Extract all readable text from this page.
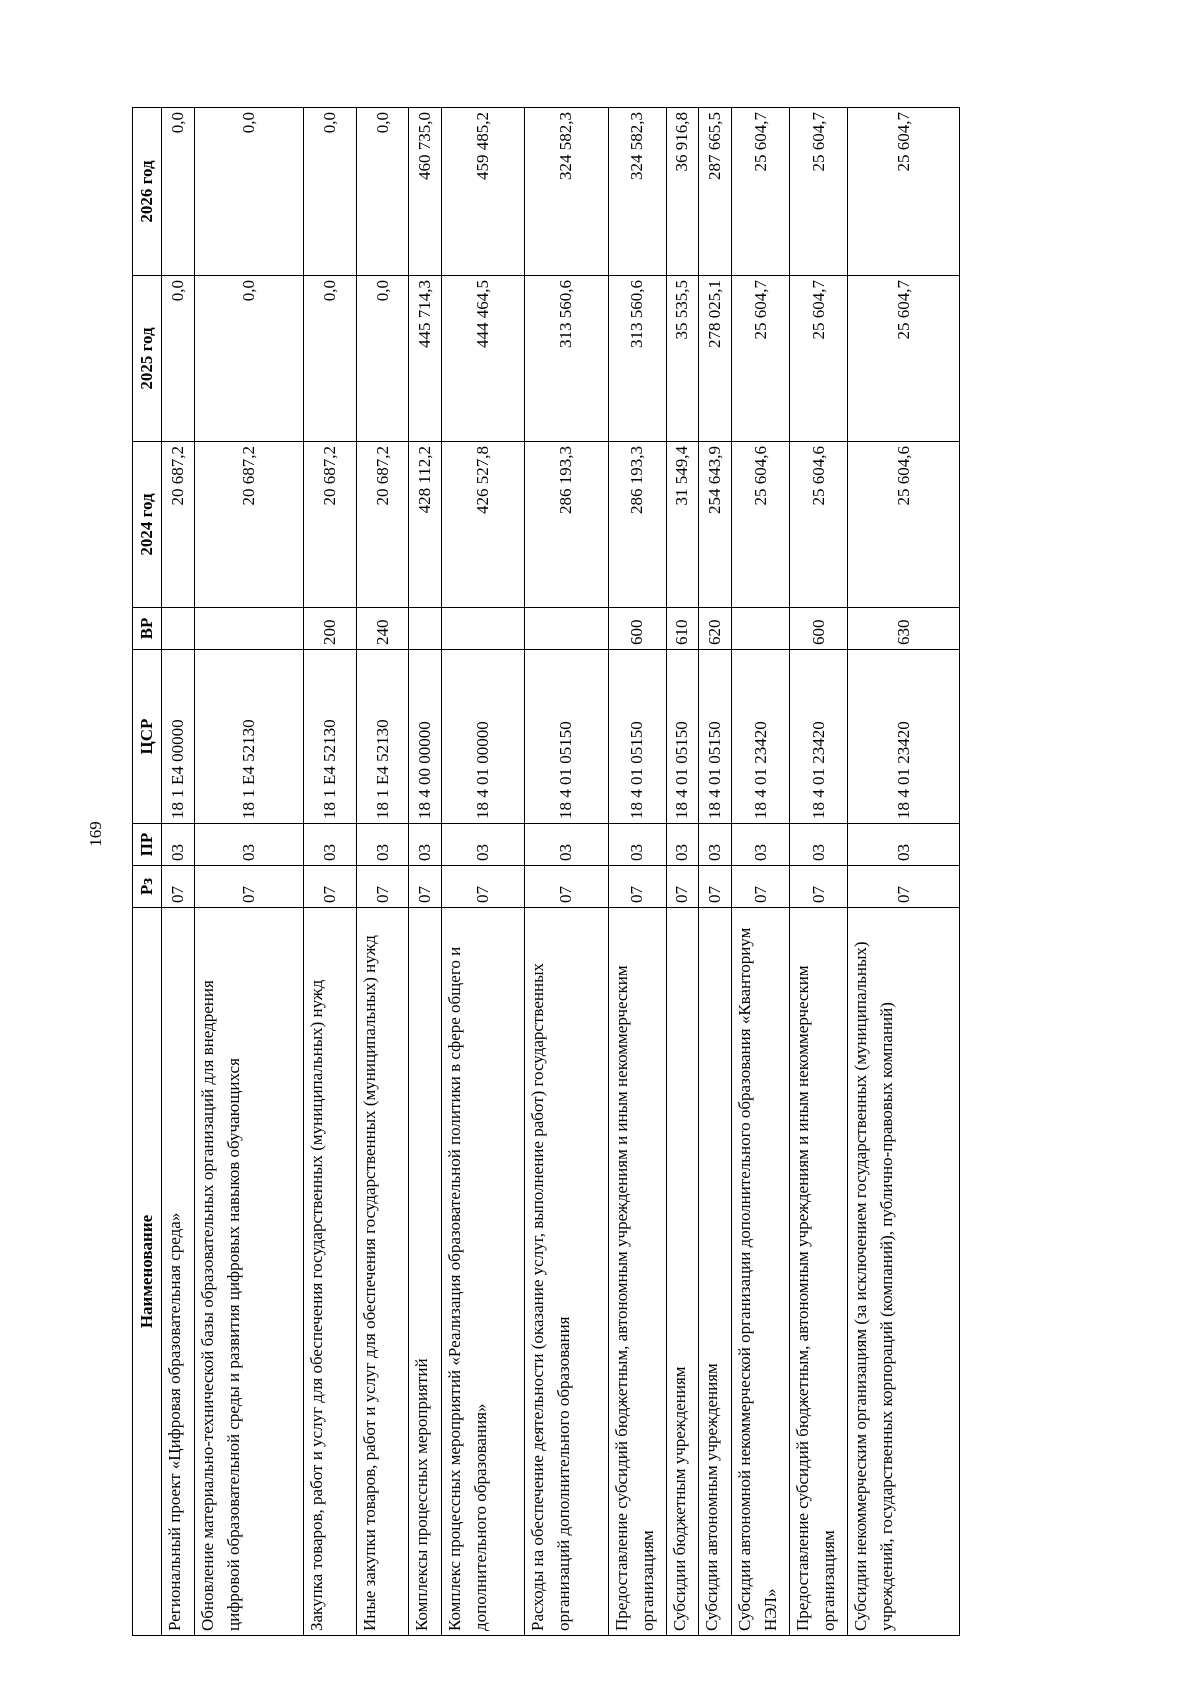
169
Наименование	Рз	ПР	ЦСР	ВР	2024 год	2025 год	2026 год
Региональный проект «Цифровая образовательная среда»	07	03	18 1 Е4 00000		20 687,2	0,0	0,0
Обновление материально-технической базы образовательных организаций для внедрения цифровой образовательной среды и развития цифровых навыков обучающихся	07	03	18 1 Е4 52130		20 687,2	0,0	0,0
Закупка товаров, работ и услуг для обеспечения государственных (муниципальных) нужд	07	03	18 1 Е4 52130	200	20 687,2	0,0	0,0
Иные закупки товаров, работ и услуг для обеспечения государственных (муниципальных) нужд	07	03	18 1 Е4 52130	240	20 687,2	0,0	0,0
Комплексы процессных мероприятий	07	03	18 4 00 00000		428 112,2	445 714,3	460 735,0
Комплекс процессных мероприятий «Реализация образовательной политики в сфере общего и дополнительного образования»	07	03	18 4 01 00000		426 527,8	444 464,5	459 485,2
Расходы на обеспечение деятельности (оказание услуг, выполнение работ) государственных организаций дополнительного образования	07	03	18 4 01 05150		286 193,3	313 560,6	324 582,3
Предоставление субсидий бюджетным, автономным учреждениям и иным некоммерческим организациям	07	03	18 4 01 05150	600	286 193,3	313 560,6	324 582,3
Субсидии бюджетным учреждениям	07	03	18 4 01 05150	610	31 549,4	35 535,5	36 916,8
Субсидии автономным учреждениям	07	03	18 4 01 05150	620	254 643,9	278 025,1	287 665,5
Субсидии автономной некоммерческой организации дополнительного образования «Кванториум НЭЛ»	07	03	18 4 01 23420		25 604,6	25 604,7	25 604,7
Предоставление субсидий бюджетным, автономным учреждениям и иным некоммерческим организациям	07	03	18 4 01 23420	600	25 604,6	25 604,7	25 604,7
Субсидии некоммерческим организациям (за исключением государственных (муниципальных) учреждений, государственных корпораций (компаний), публично-правовых компаний)	07	03	18 4 01 23420	630	25 604,6	25 604,7	25 604,7
